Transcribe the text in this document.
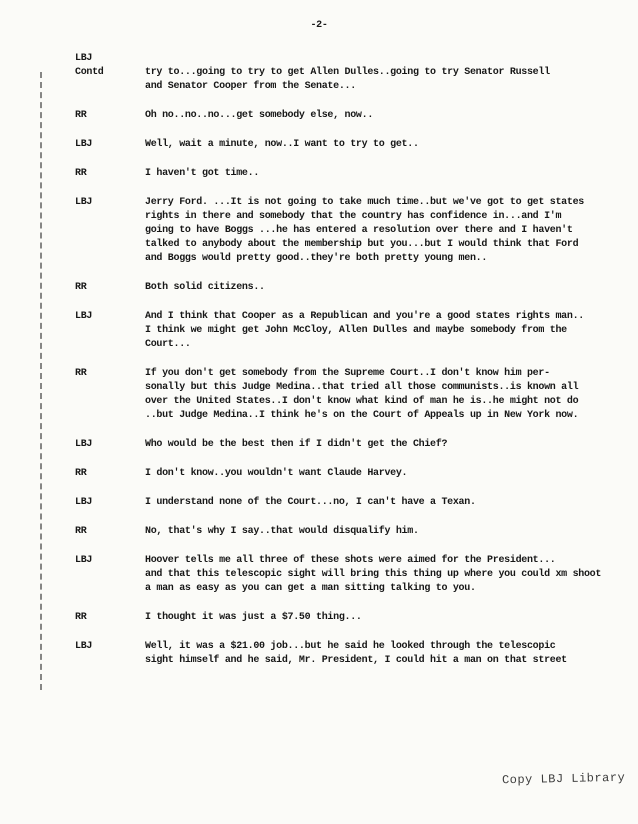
-2-
LBJ
Contd	try to...going to try to get Allen Dulles..going to try Senator Russell
and Senator Cooper from the Senate...
RR	Oh no..no..no...get somebody else, now..
LBJ	Well, wait a minute, now..I want to try to get..
RR	I haven't got time..
LBJ	Jerry Ford. ...It is not going to take much time..but we've got to get states
rights in there and somebody that the country has confidence in...and I'm
going to have Boggs ...he has entered a resolution over there and I haven't
talked to anybody about the membership but you...but I would think that Ford
and Boggs would pretty good..they're both pretty young men..
RR	Both solid citizens..
LBJ	And I think that Cooper as a Republican and you're a good states rights man..
I think we might get John McCloy, Allen Dulles and maybe somebody from the
Court...
RR	If you don't get somebody from the Supreme Court..I don't know him per-
sonally but this Judge Medina..that tried all those communists..is known all
over the United States..I don't know what kind of man he is..he might not do
..but Judge Medina..I think he's on the Court of Appeals up in New York now.
LBJ	Who would be the best then if I didn't get the Chief?
RR	I don't know..you wouldn't want Claude Harvey.
LBJ	I understand none of the Court...no, I can't have a Texan.
RR	No, that's why I say..that would disqualify him.
LBJ	Hoover tells me all three of these shots were aimed for the President...
and that this telescopic sight will bring this thing up where you could xm shoot
a man as easy as you can get a man sitting talking to you.
RR	I thought it was just a $7.50 thing...
LBJ	Well, it was a $21.00 job...but he said he looked through the telescopic
sight himself and he said, Mr. President, I could hit a man on that street
Copy LBJ Library
